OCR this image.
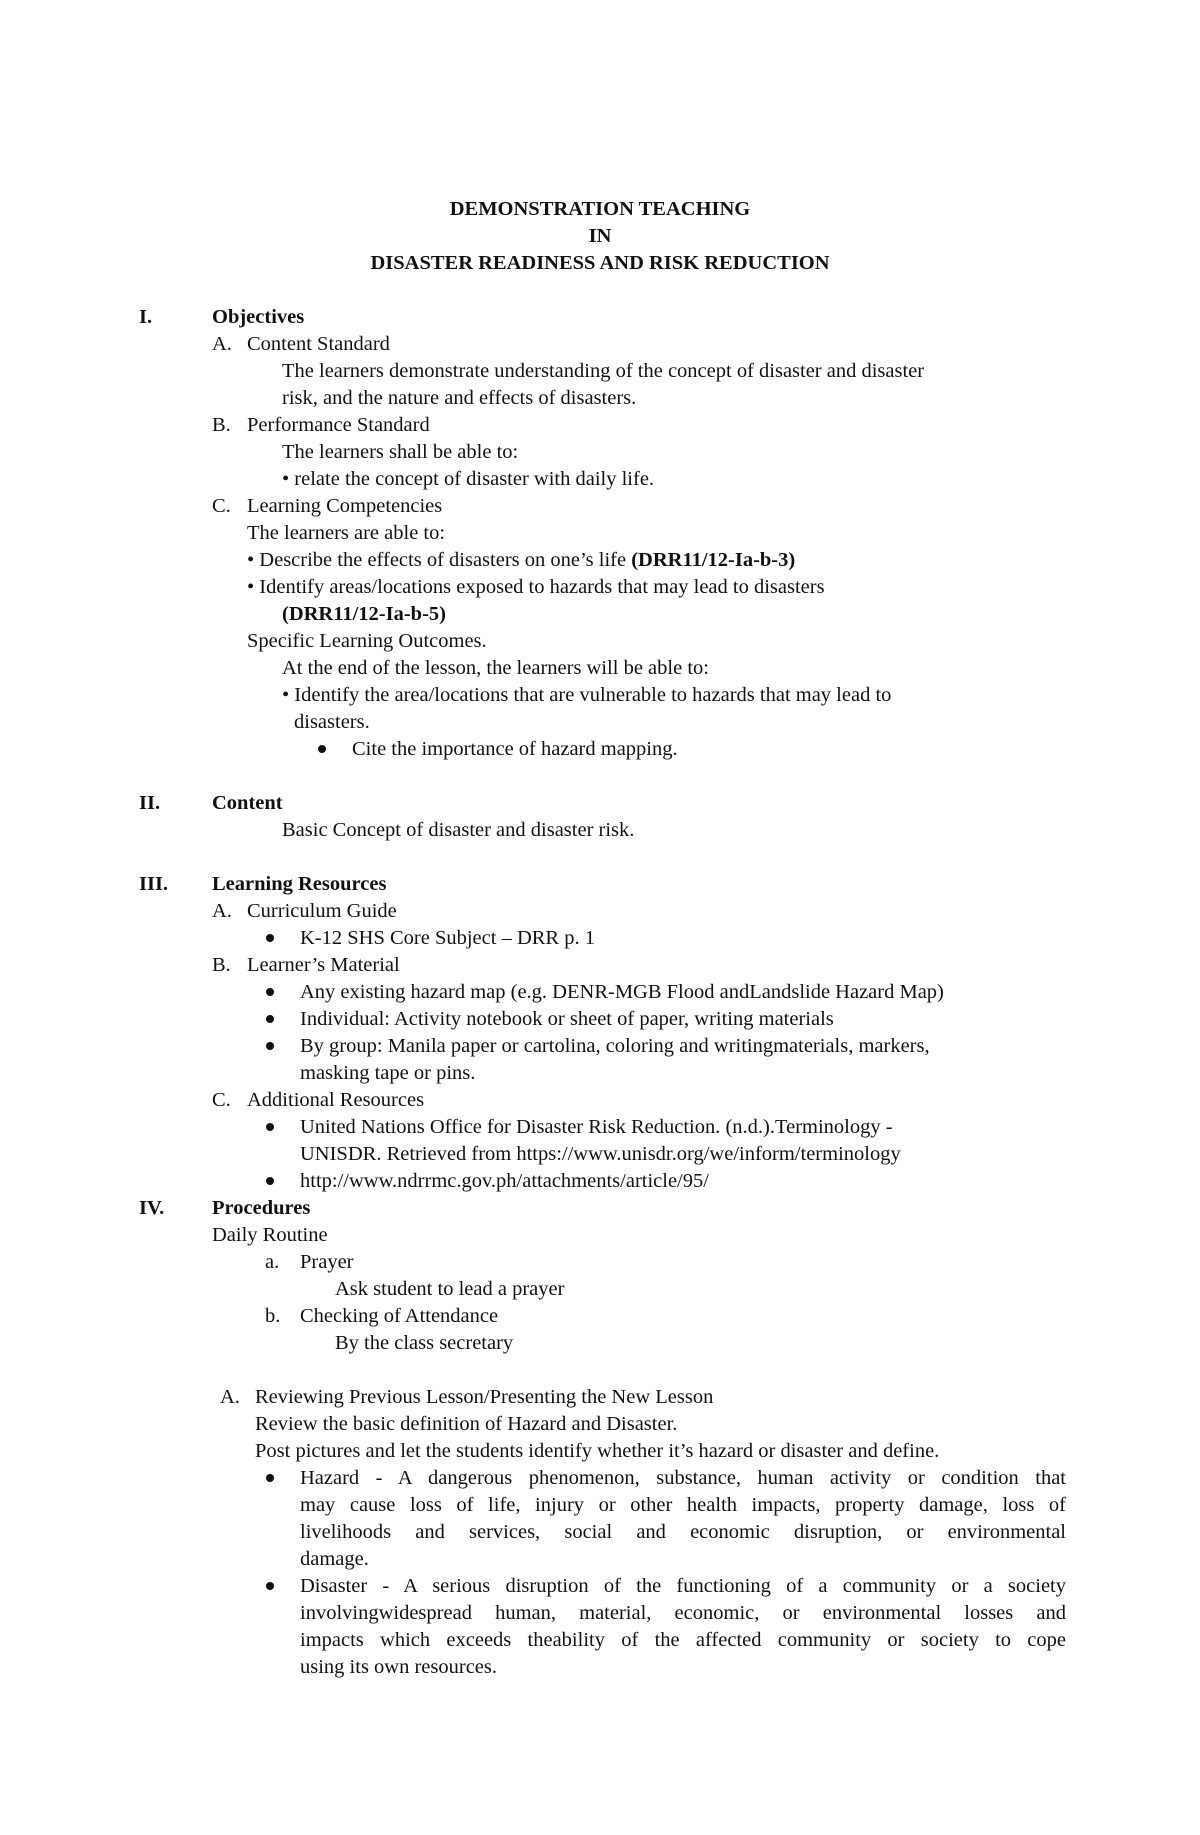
DEMONSTRATION TEACHING
IN
DISASTER READINESS AND RISK REDUCTION
I.	Objectives
A. Content Standard
The learners demonstrate understanding of the concept of disaster and disaster
risk, and the nature and effects of disasters.
B. Performance Standard
The learners shall be able to:
• relate the concept of disaster with daily life.
C. Learning Competencies
The learners are able to:
• Describe the effects of disasters on one’s life (DRR11/12-Ia-b-3)
• Identify areas/locations exposed to hazards that may lead to disasters
(DRR11/12-Ia-b-5)
Specific Learning Outcomes.
At the end of the lesson, the learners will be able to:
• Identify the area/locations that are vulnerable to hazards that may lead to
disasters.
Cite the importance of hazard mapping.
II.	Content
Basic Concept of disaster and disaster risk.
III. Learning Resources
A. Curriculum Guide
K-12 SHS Core Subject – DRR p. 1
B. Learner’s Material
Any existing hazard map (e.g. DENR-MGB Flood andLandslide Hazard Map)
Individual: Activity notebook or sheet of paper, writing materials
By group: Manila paper or cartolina, coloring and writingmaterials, markers,
masking tape or pins.
C. Additional Resources
United Nations Office for Disaster Risk Reduction. (n.d.).Terminology -
UNISDR. Retrieved from https://www.unisdr.org/we/inform/terminology
http://www.ndrrmc.gov.ph/attachments/article/95/
IV. Procedures
Daily Routine
a. Prayer
Ask student to lead a prayer
b. Checking of Attendance
By the class secretary
A. Reviewing Previous Lesson/Presenting the New Lesson
Review the basic definition of Hazard and Disaster.
Post pictures and let the students identify whether it’s hazard or disaster and define.
Hazard - A dangerous phenomenon, substance, human activity or condition that
may cause loss of life, injury or other health impacts, property damage, loss of
livelihoods and services, social and economic disruption, or environmental
damage.
Disaster - A serious disruption of the functioning of a community or a society
involvingwidespread human, material, economic, or environmental losses and
impacts which exceeds theability of the affected community or society to cope
using its own resources.
